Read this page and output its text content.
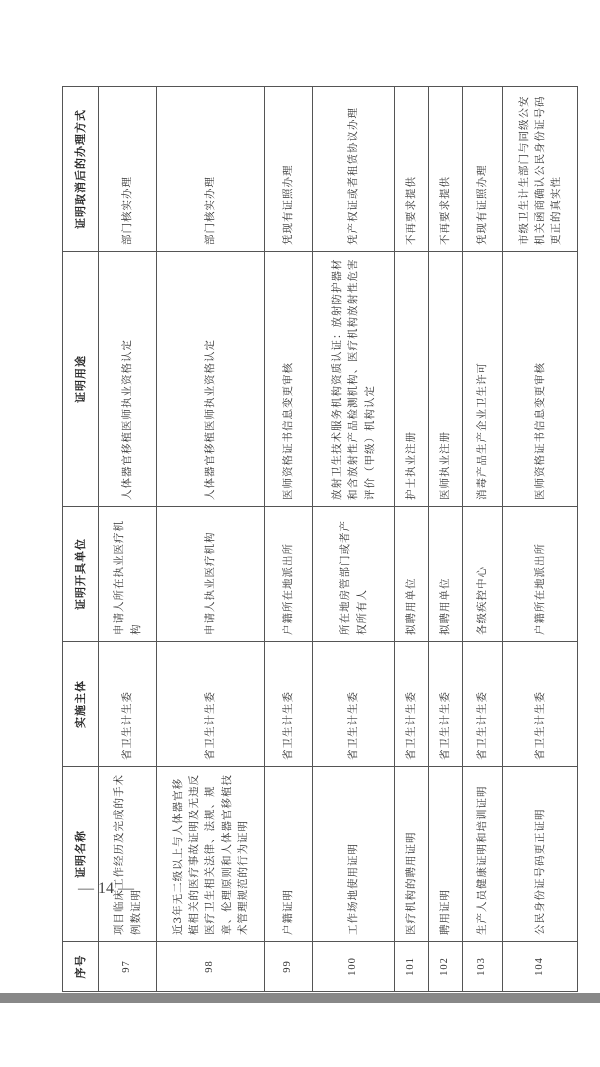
序号	证明名称	实施主体	证明开具单位	证明用途	证明取消后的办理方式
97	项目临床工作经历及完成的手术例数证明	省卫生计生委	申请人所在执业医疗机构	人体器官移植医师执业资格认定	部门核实办理
98	近3年无二级以上与人体器官移植相关的医疗事故证明及无违反医疗卫生相关法律、法规、规章、伦理原则和人体器官移植技术管理规范的行为证明	省卫生计生委	申请人执业医疗机构	人体器官移植医师执业资格认定	部门核实办理
99	户籍证明	省卫生计生委	户籍所在地派出所	医师资格证书信息变更审核	凭现有证照办理
100	工作场地使用证明	省卫生计生委	所在地房管部门或者产权所有人	放射卫生技术服务机构资质认证：放射防护器材和含放射性产品检测机构、医疗机构放射性危害评价（甲级）机构认定	凭产权证或者租赁协议办理
101	医疗机构的聘用证明	省卫生计生委	拟聘用单位	护士执业注册	不再要求提供
102	聘用证明	省卫生计生委	拟聘用单位	医师执业注册	不再要求提供
103	生产人员健康证明和培训证明	省卫生计生委	各级疾控中心	消毒产品生产企业卫生许可	凭现有证照办理
104	公民身份证号码更正证明	省卫生计生委	户籍所在地派出所	医师资格证书信息变更审核	市级卫生计生部门与同级公安机关函商确认公民身份证号码更正的真实性
— 14 —
